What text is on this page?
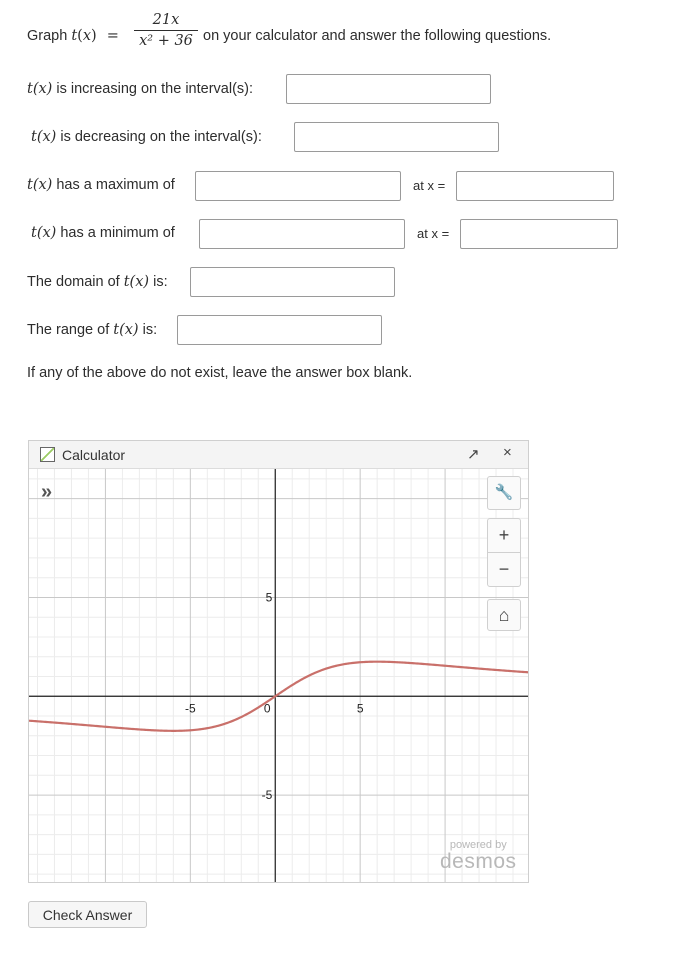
Graph t(x) =
21x
x² + 36 on your calculator and answer the following questions.
t(x) is increasing on the interval(s):
t(x) is decreasing on the interval(s):
t(x) has a maximum of	at x =
t(x) has a minimum of	at x =
The domain of t(x) is:
The range of t(x) is:
If any of the above do not exist, leave the answer box blank.
Calculator	↗ ×
-5	0	5
5
-5
»	🔧
+
−
⌂
powered by
desmos
Check Answer
